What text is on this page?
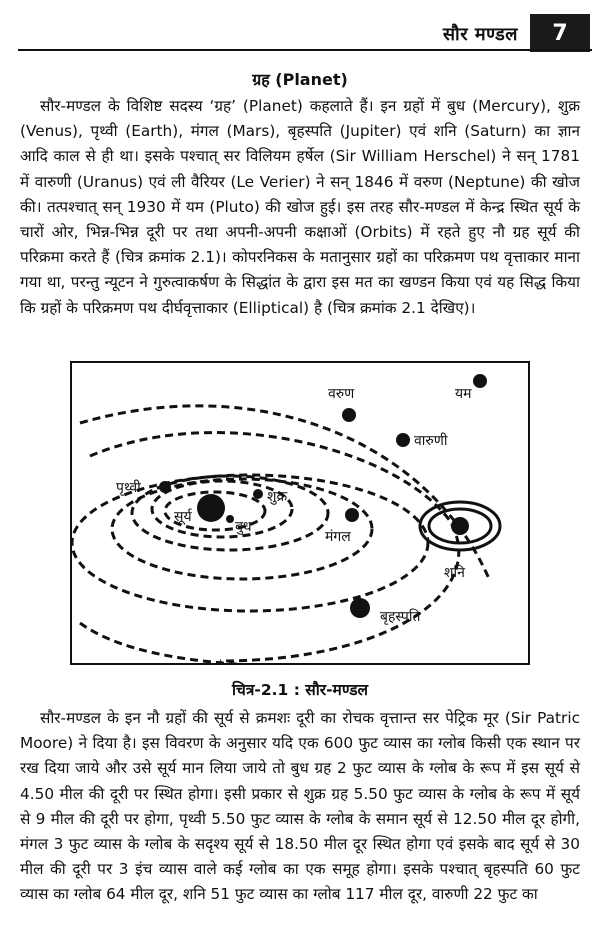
सौर मण्डल	7
ग्रह (Planet)

सौर-मण्डल के विशिष्ट सदस्य ‘ग्रह’ (Planet) कहलाते हैं। इन ग्रहों में बुध (Mercury), शुक्र (Venus), पृथ्वी (Earth), मंगल (Mars), बृहस्पति (Jupiter) एवं शनि (Saturn) का ज्ञान आदि काल से ही था। इसके पश्चात् सर विलियम हर्षेल (Sir William Herschel) ने सन् 1781 में वारुणी (Uranus) एवं ली वैरियर (Le Verier) ने सन् 1846 में वरुण (Neptune) की खोज की। तत्पश्चात् सन् 1930 में यम (Pluto) की खोज हुई। इस तरह सौर-मण्डल में केन्द्र स्थित सूर्य के चारों ओर, भिन्न-भिन्न दूरी पर तथा अपनी-अपनी कक्षाओं (Orbits) में रहते हुए नौ ग्रह सूर्य की परिक्रमा करते हैं (चित्र क्रमांक 2.1)। कोपरनिकस के मतानुसार ग्रहों का परिक्रमण पथ वृत्ताकार माना गया था, परन्तु न्यूटन ने गुरुत्वाकर्षण के सिद्धांत के द्वारा इस मत का खण्डन किया एवं यह सिद्ध किया कि ग्रहों के परिक्रमण पथ दीर्घवृत्ताकार (Elliptical) है (चित्र क्रमांक 2.1 देखिए)।

यम
वरुण
वारुणी
पृथ्वी
शुक्र
सूर्य
बुध
मंगल
शनि
बृहस्पति
चित्र-2.1 : सौर-मण्डल

सौर-मण्डल के इन नौ ग्रहों की सूर्य से क्रमशः दूरी का रोचक वृत्तान्त सर पेट्रिक मूर (Sir Patric Moore) ने दिया है। इस विवरण के अनुसार यदि एक 600 फुट व्यास का ग्लोब किसी एक स्थान पर रख दिया जाये और उसे सूर्य मान लिया जाये तो बुध ग्रह 2 फुट व्यास के ग्लोब के रूप में इस सूर्य से 4.50 मील की दूरी पर स्थित होगा। इसी प्रकार से शुक्र ग्रह 5.50 फुट व्यास के ग्लोब के रूप में सूर्य से 9 मील की दूरी पर होगा, पृथ्वी 5.50 फुट व्यास के ग्लोब के समान सूर्य से 12.50 मील दूर होगी, मंगल 3 फुट व्यास के ग्लोब के सदृश्य सूर्य से 18.50 मील दूर स्थित होगा एवं इसके बाद सूर्य से 30 मील की दूरी पर 3 इंच व्यास वाले कई ग्लोब का एक समूह होगा। इसके पश्चात् बृहस्पति 60 फुट व्यास का ग्लोब 64 मील दूर, शनि 51 फुट व्यास का ग्लोब 117 मील दूर, वारुणी 22 फुट का
